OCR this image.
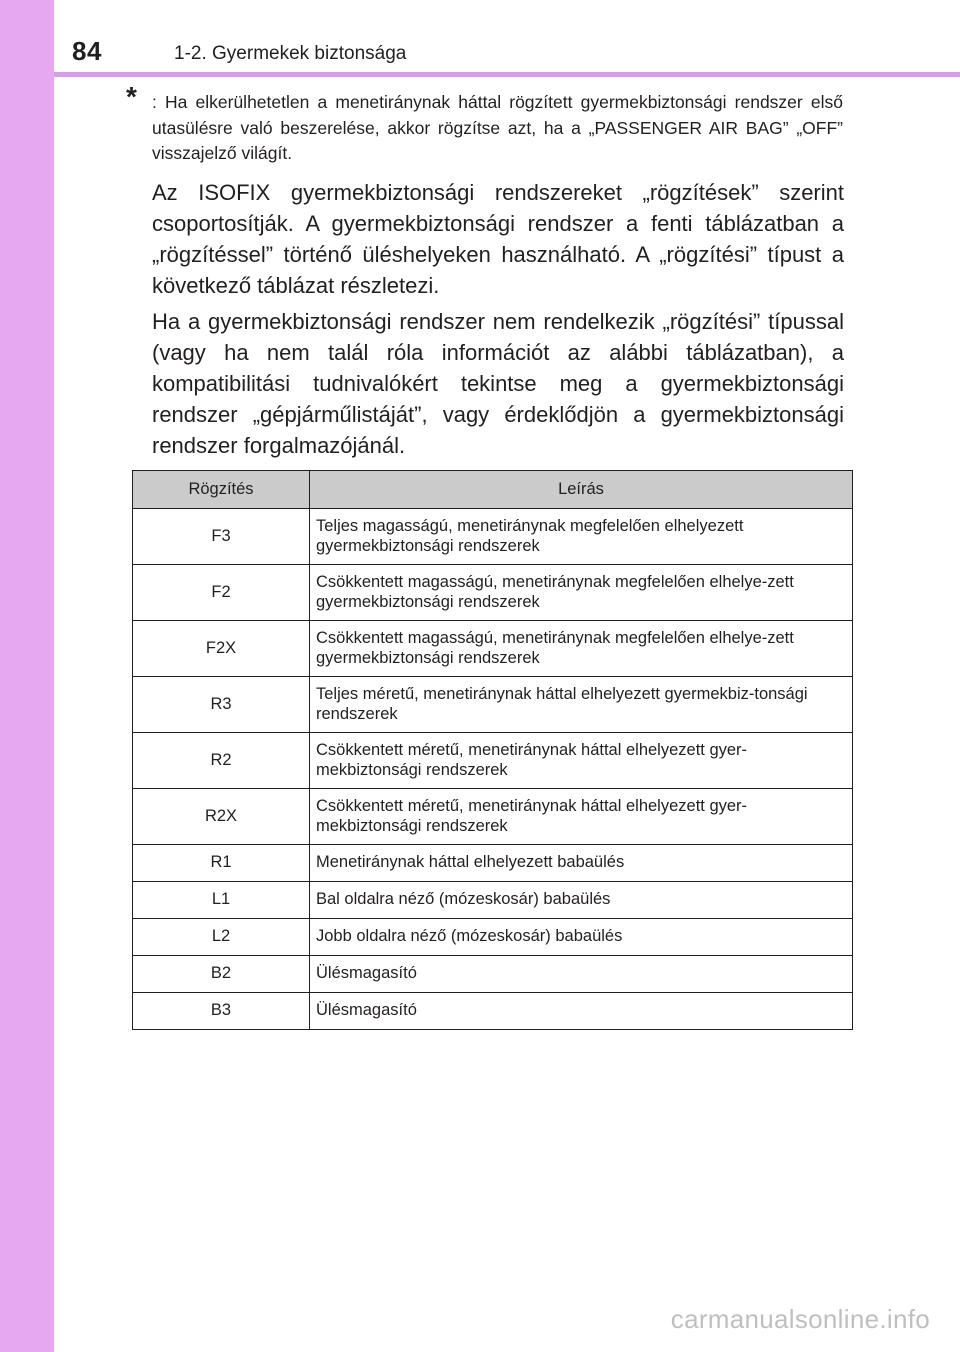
84	1-2. Gyermekek biztonsága
* : Ha elkerülhetetlen a menetiránynak háttal rögzített gyermekbiztonsági rendszer első utasülésre való beszerelése, akkor rögzítse azt, ha a „PASSENGER AIR BAG” „OFF” visszajelző világít.

Az ISOFIX gyermekbiztonsági rendszereket „rögzítések” szerint csoportosítják. A gyermekbiztonsági rendszer a fenti táblázatban a „rögzítéssel” történő üléshelyeken használható. A „rögzítési” típust a következő táblázat részletezi.

Ha a gyermekbiztonsági rendszer nem rendelkezik „rögzítési” típussal (vagy ha nem talál róla információt az alábbi táblázatban), a kompatibilitási tudnivalókért tekintse meg a gyermekbiztonsági rendszer „gépjárműlistáját”, vagy érdeklődjön a gyermekbiztonsági rendszer forgalmazójánál.

Rögzítés	Leírás
F3	Teljes magasságú, menetiránynak megfelelően elhelyezett gyermekbiztonsági rendszerek
F2	Csökkentett magasságú, menetiránynak megfelelően elhelye-zett gyermekbiztonsági rendszerek
F2X	Csökkentett magasságú, menetiránynak megfelelően elhelye-zett gyermekbiztonsági rendszerek
R3	Teljes méretű, menetiránynak háttal elhelyezett gyermekbiz-tonsági rendszerek
R2	Csökkentett méretű, menetiránynak háttal elhelyezett gyer-mekbiztonsági rendszerek
R2X	Csökkentett méretű, menetiránynak háttal elhelyezett gyer-mekbiztonsági rendszerek
R1	Menetiránynak háttal elhelyezett babaülés
L1	Bal oldalra néző (mózeskosár) babaülés
L2	Jobb oldalra néző (mózeskosár) babaülés
B2	Ülésmagasító
B3	Ülésmagasító
carmanualsonline.info
